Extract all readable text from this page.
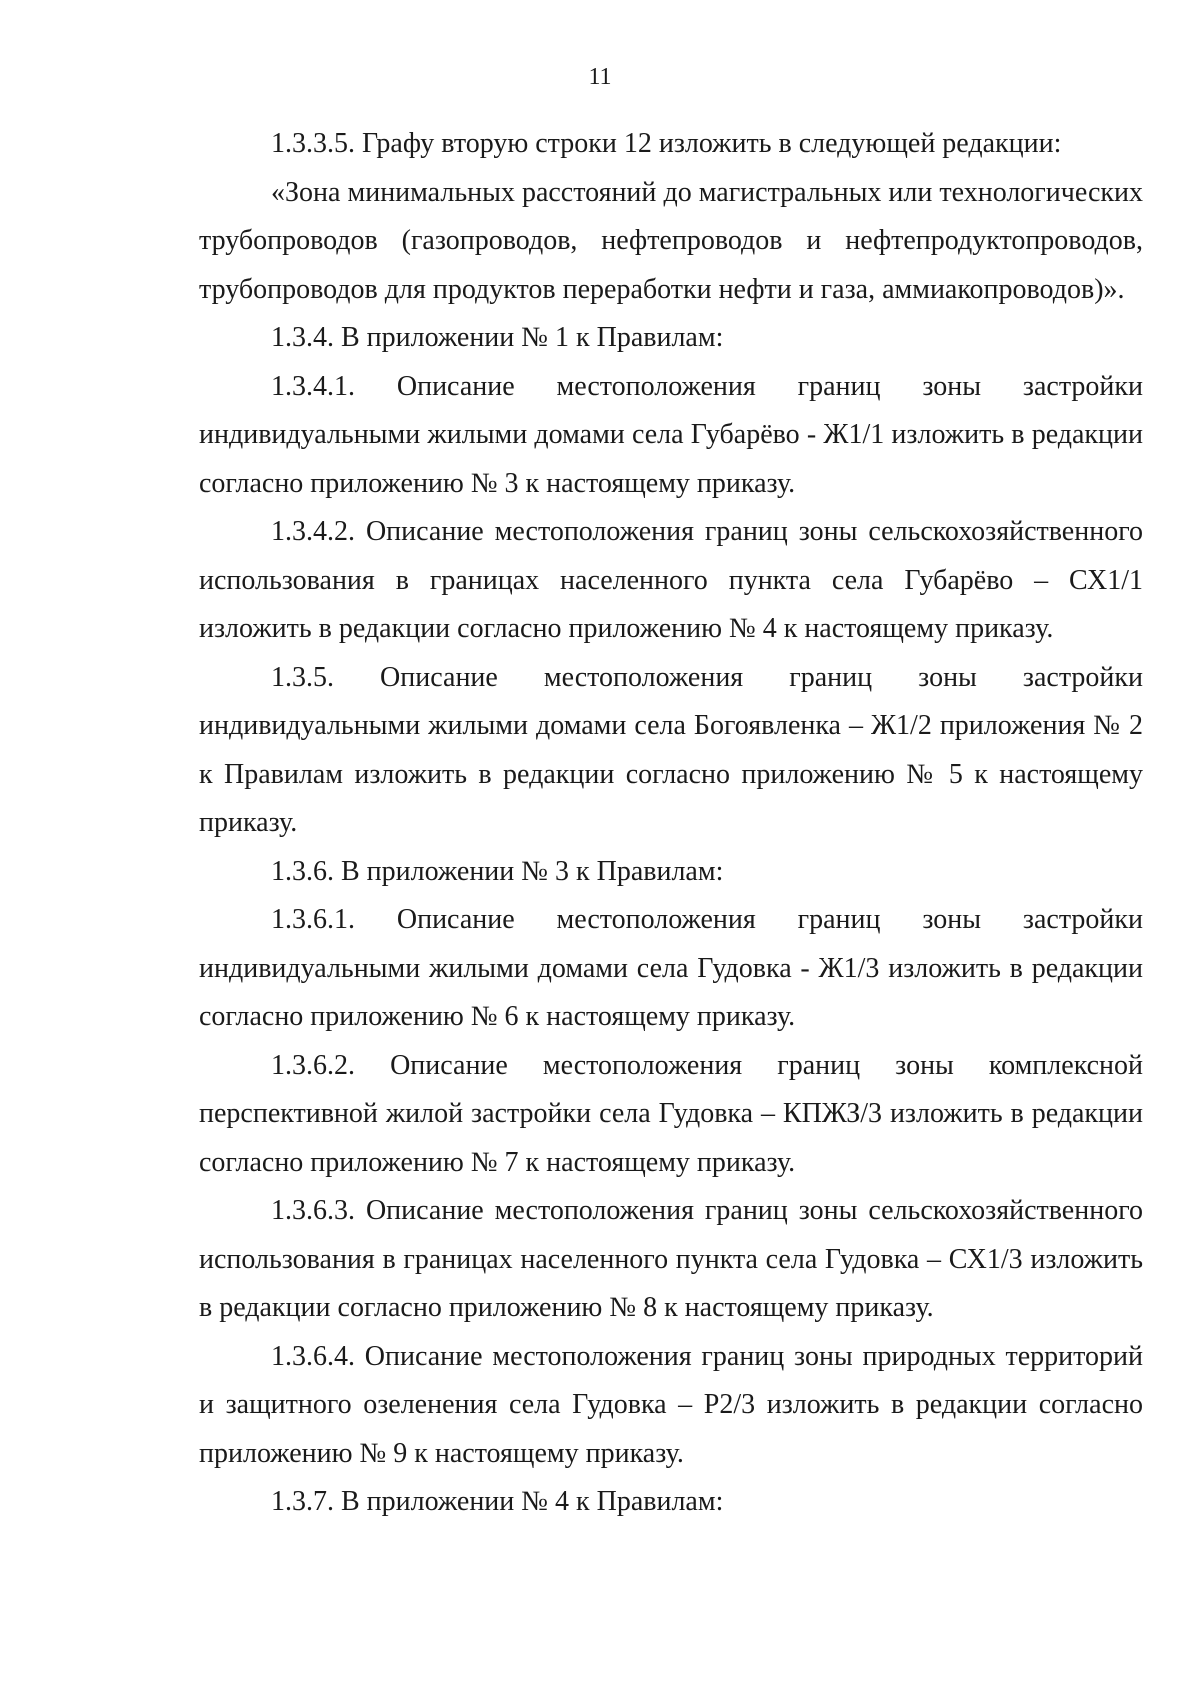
11

1.3.3.5. Графу вторую строки 12 изложить в следующей редакции:

«Зона минимальных расстояний до магистральных или технологических трубопроводов (газопроводов, нефтепроводов и нефтепродуктопроводов, трубопроводов для продуктов переработки нефти и газа, аммиакопроводов)».

1.3.4. В приложении № 1 к Правилам:

1.3.4.1. Описание местоположения границ зоны застройки индивидуальными жилыми домами села Губарёво - Ж1/1 изложить в редакции согласно приложению № 3 к настоящему приказу.

1.3.4.2. Описание местоположения границ зоны сельскохозяйственного использования в границах населенного пункта села Губарёво – СХ1/1 изложить в редакции согласно приложению № 4 к настоящему приказу.

1.3.5. Описание местоположения границ зоны застройки индивидуальными жилыми домами села Богоявленка – Ж1/2 приложения № 2 к Правилам изложить в редакции согласно приложению № 5 к настоящему приказу.

1.3.6. В приложении № 3 к Правилам:

1.3.6.1. Описание местоположения границ зоны застройки индивидуальными жилыми домами села Гудовка - Ж1/3 изложить в редакции согласно приложению № 6 к настоящему приказу.

1.3.6.2. Описание местоположения границ зоны комплексной перспективной жилой застройки села Гудовка – КПЖЗ/3 изложить в редакции согласно приложению № 7 к настоящему приказу.

1.3.6.3. Описание местоположения границ зоны сельскохозяйственного использования в границах населенного пункта села Гудовка – СХ1/3 изложить в редакции согласно приложению № 8 к настоящему приказу.

1.3.6.4. Описание местоположения границ зоны природных территорий и защитного озеленения села Гудовка – Р2/3 изложить в редакции согласно приложению № 9 к настоящему приказу.

1.3.7. В приложении № 4 к Правилам:
